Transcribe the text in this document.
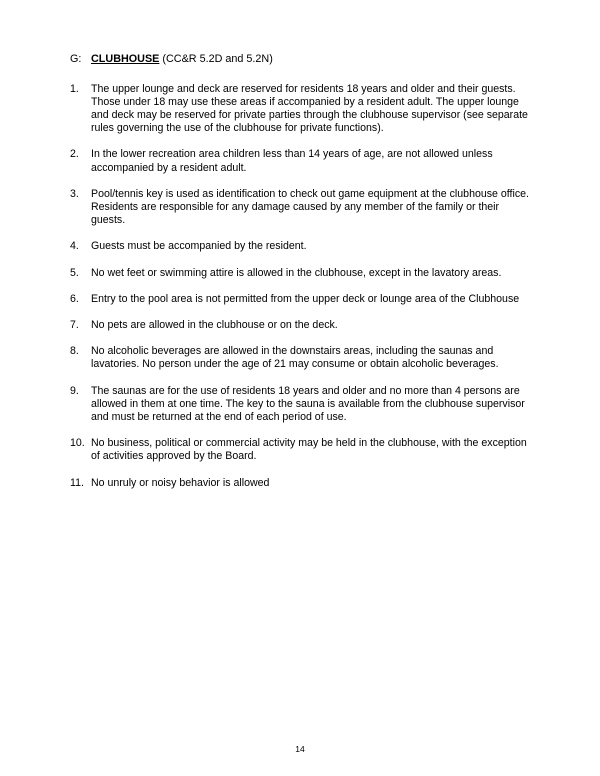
G: CLUBHOUSE (CC&R 5.2D and 5.2N)
1.	The upper lounge and deck are reserved for residents 18 years and older and their guests. Those under 18 may use these areas if accompanied by a resident adult. The upper lounge and deck may be reserved for private parties through the clubhouse supervisor (see separate rules governing the use of the clubhouse for private functions).
2.	In the lower recreation area children less than 14 years of age, are not allowed unless accompanied by a resident adult.
3.	Pool/tennis key is used as identification to check out game equipment at the clubhouse office. Residents are responsible for any damage caused by any member of the family or their guests.
4.	Guests must be accompanied by the resident.
5.	No wet feet or swimming attire is allowed in the clubhouse, except in the lavatory areas.
6.	Entry to the pool area is not permitted from the upper deck or lounge area of the Clubhouse
7.	No pets are allowed in the clubhouse or on the deck.
8.	No alcoholic beverages are allowed in the downstairs areas, including the saunas and lavatories. No person under the age of 21 may consume or obtain alcoholic beverages.
9.	The saunas are for the use of residents 18 years and older and no more than 4 persons are allowed in them at one time. The key to the sauna is available from the clubhouse supervisor and must be returned at the end of each period of use.
10. No business, political or commercial activity may be held in the clubhouse, with the exception of activities approved by the Board.
11. No unruly or noisy behavior is allowed
14
